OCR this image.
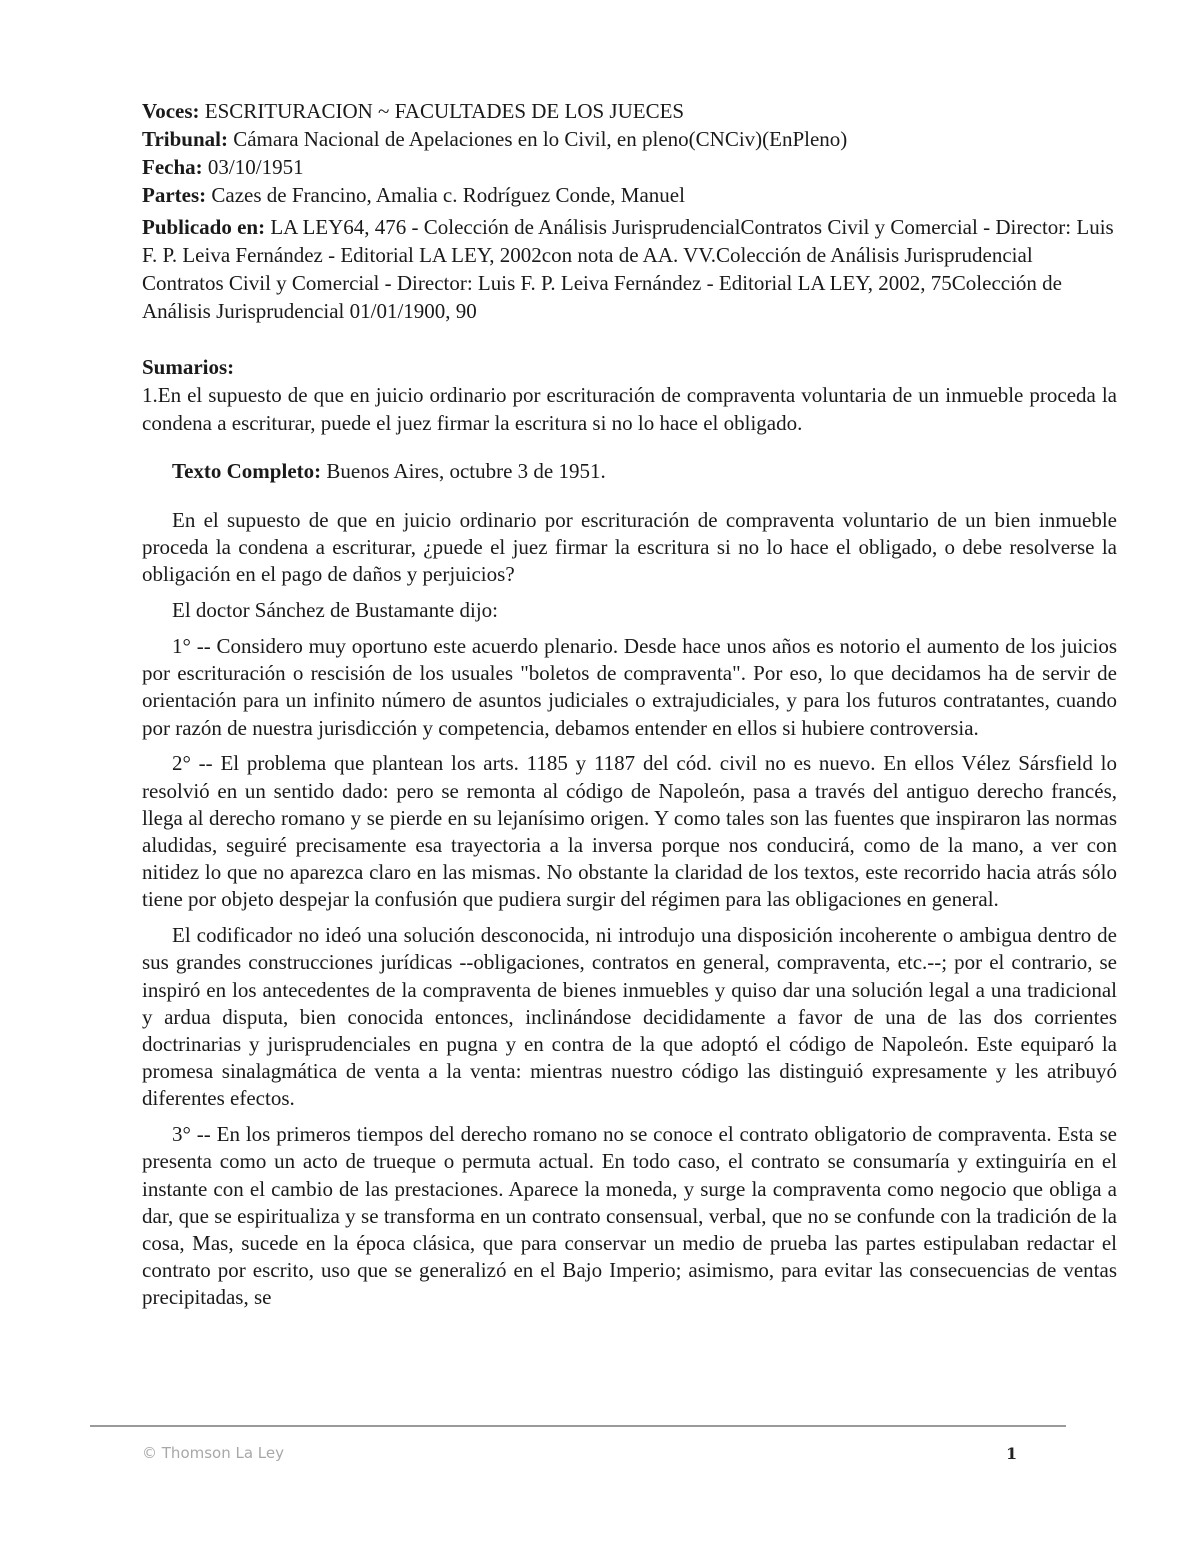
Voces: ESCRITURACION ~ FACULTADES DE LOS JUECES

Tribunal: Cámara Nacional de Apelaciones en lo Civil, en pleno(CNCiv)(EnPleno)

Fecha: 03/10/1951

Partes: Cazes de Francino, Amalia c. Rodríguez Conde, Manuel

Publicado en: LA LEY64, 476 - Colección de Análisis JurisprudencialContratos Civil y Comercial - Director: Luis F. P. Leiva Fernández - Editorial LA LEY, 2002con nota de AA. VV.Colección de Análisis Jurisprudencial Contratos Civil y Comercial - Director: Luis F. P. Leiva Fernández - Editorial LA LEY, 2002, 75Colección de Análisis Jurisprudencial 01/01/1900, 90

Sumarios:

1.En el supuesto de que en juicio ordinario por escrituración de compraventa voluntaria de un inmueble proceda la condena a escriturar, puede el juez firmar la escritura si no lo hace el obligado.

Texto Completo: Buenos Aires, octubre 3 de 1951.

En el supuesto de que en juicio ordinario por escrituración de compraventa voluntario de un bien inmueble proceda la condena a escriturar, ¿puede el juez firmar la escritura si no lo hace el obligado, o debe resolverse la obligación en el pago de daños y perjuicios?

El doctor Sánchez de Bustamante dijo:

1° -- Considero muy oportuno este acuerdo plenario. Desde hace unos años es notorio el aumento de los juicios por escrituración o rescisión de los usuales "boletos de compraventa". Por eso, lo que decidamos ha de servir de orientación para un infinito número de asuntos judiciales o extrajudiciales, y para los futuros contratantes, cuando por razón de nuestra jurisdicción y competencia, debamos entender en ellos si hubiere controversia.

2° -- El problema que plantean los arts. 1185 y 1187 del cód. civil no es nuevo. En ellos Vélez Sársfield lo resolvió en un sentido dado: pero se remonta al código de Napoleón, pasa a través del antiguo derecho francés, llega al derecho romano y se pierde en su lejanísimo origen. Y como tales son las fuentes que inspiraron las normas aludidas, seguiré precisamente esa trayectoria a la inversa porque nos conducirá, como de la mano, a ver con nitidez lo que no aparezca claro en las mismas. No obstante la claridad de los textos, este recorrido hacia atrás sólo tiene por objeto despejar la confusión que pudiera surgir del régimen para las obligaciones en general.

El codificador no ideó una solución desconocida, ni introdujo una disposición incoherente o ambigua dentro de sus grandes construcciones jurídicas --obligaciones, contratos en general, compraventa, etc.--; por el contrario, se inspiró en los antecedentes de la compraventa de bienes inmuebles y quiso dar una solución legal a una tradicional y ardua disputa, bien conocida entonces, inclinándose decididamente a favor de una de las dos corrientes doctrinarias y jurisprudenciales en pugna y en contra de la que adoptó el código de Napoleón. Este equiparó la promesa sinalagmática de venta a la venta: mientras nuestro código las distinguió expresamente y les atribuyó diferentes efectos.

3° -- En los primeros tiempos del derecho romano no se conoce el contrato obligatorio de compraventa. Esta se presenta como un acto de trueque o permuta actual. En todo caso, el contrato se consumaría y extinguiría en el instante con el cambio de las prestaciones. Aparece la moneda, y surge la compraventa como negocio que obliga a dar, que se espiritualiza y se transforma en un contrato consensual, verbal, que no se confunde con la tradición de la cosa, Mas, sucede en la época clásica, que para conservar un medio de prueba las partes estipulaban redactar el contrato por escrito, uso que se generalizó en el Bajo Imperio; asimismo, para evitar las consecuencias de ventas precipitadas, se

© Thomson La Ley	1
